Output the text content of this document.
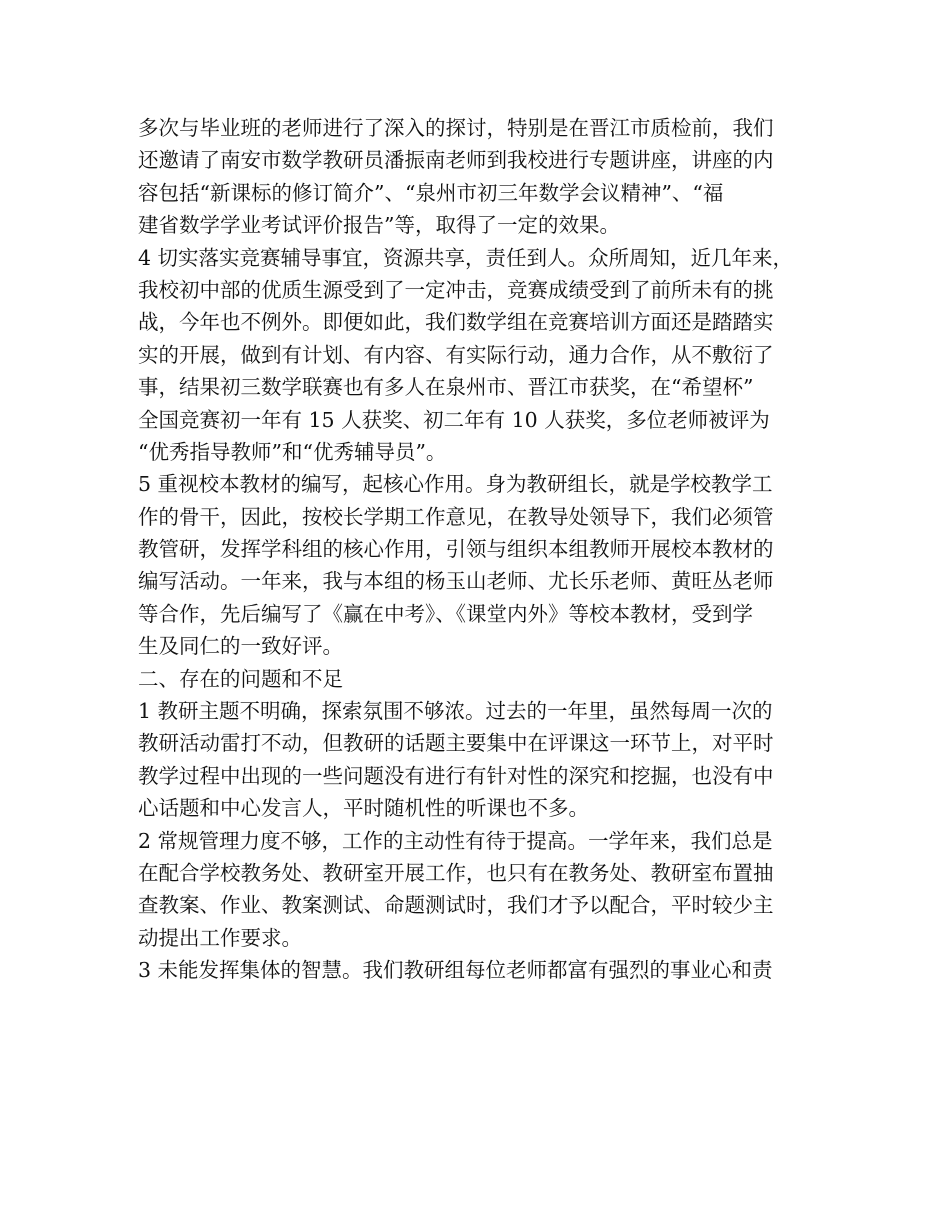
多次与毕业班的老师进行了深入的探讨，特别是在晋江市质检前，我们
还邀请了南安市数学教研员潘振南老师到我校进行专题讲座，讲座的内
容包括“新课标的修订简介”、“泉州市初三年数学会议精神”、“福
建省数学学业考试评价报告”等，取得了一定的效果。
4 切实落实竞赛辅导事宜，资源共享，责任到人。众所周知，近几年来，
我校初中部的优质生源受到了一定冲击，竞赛成绩受到了前所未有的挑
战，今年也不例外。即便如此，我们数学组在竞赛培训方面还是踏踏实
实的开展，做到有计划、有内容、有实际行动，通力合作，从不敷衍了
事，结果初三数学联赛也有多人在泉州市、晋江市获奖，在“希望杯”
全国竞赛初一年有 15 人获奖、初二年有 10 人获奖，多位老师被评为
“优秀指导教师”和“优秀辅导员”。
5 重视校本教材的编写，起核心作用。身为教研组长，就是学校教学工
作的骨干，因此，按校长学期工作意见，在教导处领导下，我们必须管
教管研，发挥学科组的核心作用，引领与组织本组教师开展校本教材的
编写活动。一年来，我与本组的杨玉山老师、尤长乐老师、黄旺丛老师
等合作，先后编写了《赢在中考》、《课堂内外》等校本教材，受到学
生及同仁的一致好评。
二、存在的问题和不足
1 教研主题不明确，探索氛围不够浓。过去的一年里，虽然每周一次的
教研活动雷打不动，但教研的话题主要集中在评课这一环节上，对平时
教学过程中出现的一些问题没有进行有针对性的深究和挖掘，也没有中
心话题和中心发言人，平时随机性的听课也不多。
2 常规管理力度不够，工作的主动性有待于提高。一学年来，我们总是
在配合学校教务处、教研室开展工作，也只有在教务处、教研室布置抽
查教案、作业、教案测试、命题测试时，我们才予以配合，平时较少主
动提出工作要求。
3 未能发挥集体的智慧。我们教研组每位老师都富有强烈的事业心和责
